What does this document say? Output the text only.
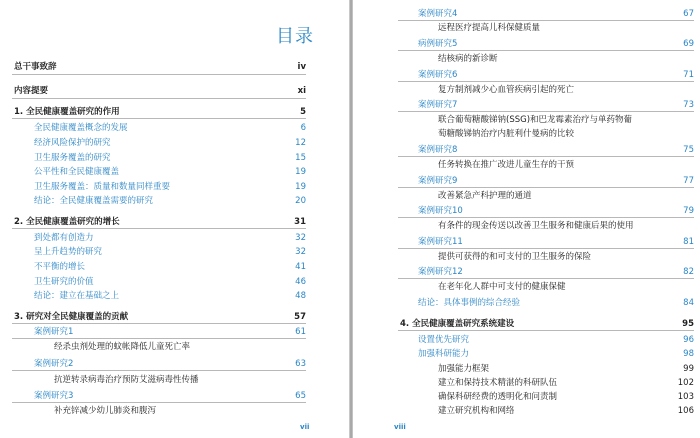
目录
总干事致辞	iv
内容提要	xi
1. 全民健康覆盖研究的作用	5
全民健康覆盖概念的发展	6
经济风险保护的研究	12
卫生服务覆盖的研究	15
公平性和全民健康覆盖	19
卫生服务覆盖：质量和数量同样重要	19
结论：全民健康覆盖需要的研究	20
2. 全民健康覆盖研究的增长	31
到处都有创造力	32
呈上升趋势的研究	32
不平衡的增长	41
卫生研究的价值	46
结论：建立在基础之上	48
3. 研究对全民健康覆盖的贡献	57
案例研究1	61
经杀虫剂处理的蚊帐降低儿童死亡率
案例研究2	63
抗逆转录病毒治疗预防艾滋病毒性传播
案例研究3	65
补充锌减少幼儿肺炎和腹泻
vii
案例研究4	67
远程医疗提高儿科保健质量
病例研究5	69
结核病的新诊断
案例研究6	71
复方制剂减少心血管疾病引起的死亡
案例研究7	73
联合葡萄糖酸锑钠(SSG)和巴龙霉素治疗与单药物葡
萄糖酸锑钠治疗内脏利什曼病的比较
案例研究8	75
任务转换在推广改进儿童生存的干预
案例研究9	77
改善紧急产科护理的通道
案例研究10	79
有条件的现金传送以改善卫生服务和健康后果的使用
案例研究11	81
提供可获得的和可支付的卫生服务的保险
案例研究12	82
在老年化人群中可支付的健康保健
结论：具体事例的综合经验	84
4. 全民健康覆盖研究系统建设	95
设置优先研究	96
加强科研能力	98
加强能力框架	99
建立和保持技术精湛的科研队伍	102
确保科研经费的透明化和问责制	103
建立研究机构和网络	106
viii
